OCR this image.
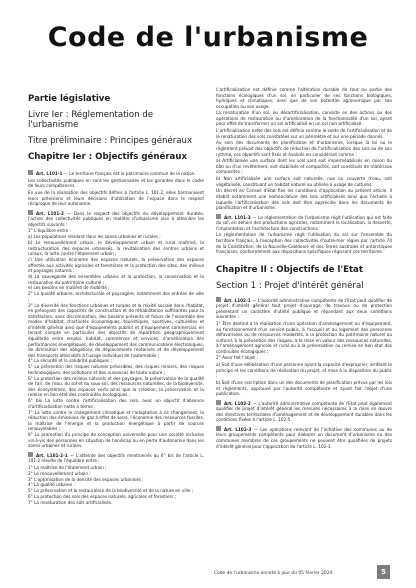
Code de l'urbanisme
Partie législative
Livre Ier : Réglementation de l'urbanisme
Titre préliminaire : Principes généraux
Chapitre Ier : Objectifs généraux

Art. L101-1 — Le territoire français est le patrimoine commun de la nation.

Les collectivités publiques en sont les gestionnaires et les garantes dans le cadre de leurs compétences.

En vue de la réalisation des objectifs définis à l'article L. 101-2, elles harmonisent leurs prévisions et leurs décisions d'utilisation de l'espace dans le respect réciproque de leur autonomie.

Art. L101-2 — Dans le respect des objectifs du développement durable, l'action des collectivités publiques en matière d'urbanisme vise à atteindre les objectifs suivants :

1° L'équilibre entre :
a) Les populations résidant dans les zones urbaines et rurales ;
b) Le renouvellement urbain, le développement urbain et rural maîtrisé, la restructuration des espaces urbanisés, la revitalisation des centres urbains et ruraux, la lutte contre l'étalement urbain ;
c) Une utilisation économe des espaces naturels, la préservation des espaces affectés aux activités agricoles et forestières et la protection des sites, des milieux et paysages naturels ;
d) La sauvegarde des ensembles urbains et la protection, la conservation et la restauration du patrimoine culturel ;
e) Les besoins en matière de mobilité ;
2° La qualité urbaine, architecturale et paysagère, notamment des entrées de ville ;
3° La diversité des fonctions urbaines et rurales et la mixité sociale dans l'habitat, en prévoyant des capacités de construction et de réhabilitation suffisantes pour la satisfaction, sans discrimination, des besoins présents et futurs de l'ensemble des modes d'habitat, d'activités économiques, touristiques, sportives, culturelles et d'intérêt général ainsi que d'équipements publics et d'équipement commercial, en tenant compte en particulier des objectifs de répartition géographiquement équilibrée entre emploi, habitat, commerces et services, d'amélioration des performances énergétiques, de développement des communications électroniques, de diminution des obligations de déplacements motorisés et de développement des transports alternatifs à l'usage individuel de l'automobile ;
4° La sécurité et la salubrité publiques ;
5° La prévention des risques naturels prévisibles, des risques miniers, des risques technologiques, des pollutions et des nuisances de toute nature ;
6° La protection des milieux naturels et des paysages, la préservation de la qualité de l'air, de l'eau, du sol et du sous-sol, des ressources naturelles, de la biodiversité, des écosystèmes, des espaces verts ainsi que la création, la préservation et la remise en bon état des continuités écologiques ;
6° bis La lutte contre l'artificialisation des sols, avec un objectif d'absence d'artificialisation nette à terme ;
7° La lutte contre le changement climatique et l'adaptation à ce changement, la réduction des émissions de gaz à effet de serre, l'économie des ressources fossiles, la maîtrise de l'énergie et la production énergétique à partir de sources renouvelables ;
8° La promotion du principe de conception universelle pour une société inclusive vis-à-vis des personnes en situation de handicap ou en perte d'autonomie dans les zones urbaines et rurales.

Art. L101-2-1 — L'atteinte des objectifs mentionnés au 6° bis de l'article L. 101-2 résulte de l'équilibre entre :

1° La maîtrise de l'étalement urbain ;
2° Le renouvellement urbain ;
3° L'optimisation de la densité des espaces urbanisés ;
4° La qualité urbaine ;
5° La préservation et la restauration de la biodiversité et de la nature en ville ;
6° La protection des sols des espaces naturels, agricoles et forestiers ;
7° La renaturation des sols artificialisés.

L'artificialisation est définie comme l'altération durable de tout ou partie des fonctions écologiques d'un sol, en particulier de ses fonctions biologiques, hydriques et climatiques, ainsi que de son potentiel agronomique par son occupation ou son usage.

La renaturation d'un sol, ou désartificialisation, consiste en des actions ou des opérations de restauration ou d'amélioration de la fonctionnalité d'un sol, ayant pour effet de transformer un sol artificialisé en un sol non artificialisé.

L'artificialisation nette des sols est définie comme le solde de l'artificialisation et de la renaturation des sols constatées sur un périmètre et sur une période donnés.

Au sein des documents de planification et d'urbanisme, lorsque la loi ou le règlement prévoit des objectifs de réduction de l'artificialisation des sols ou de son rythme, ces objectifs sont fixés et évalués en considérant comme :

a) Artificialisée une surface dont les sols sont soit imperméabilisés en raison du bâti ou d'un revêtement, soit stabilisés et compactés, soit constitués de matériaux composites ;

b) Non artificialisée une surface soit naturelle, nue ou couverte d'eau, soit végétalisée, constituant un habitat naturel ou utilisée à usage de cultures.

Un décret en Conseil d'Etat fixe les conditions d'application du présent article. Il établit notamment une nomenclature des sols artificialisés ainsi que l'échelle à laquelle l'artificialisation des sols doit être appréciée dans les documents de planification et d'urbanisme.

Art. L101-3 — La réglementation de l'urbanisme régit l'utilisation qui est faite du sol, en dehors des productions agricoles, notamment la localisation, la desserte, l'implantation et l'architecture des constructions.

La réglementation de l'urbanisme régit l'utilisation du sol sur l'ensemble du territoire français, à l'exception des collectivités d'outre-mer régies par l'article 74 de la Constitution, de la Nouvelle-Calédonie et des Terres australes et antarctiques françaises, conformément aux dispositions spécifiques régissant ces territoires.

Chapitre II : Objectifs de l'Etat
Section 1 : Projet d'intérêt général

Art. L102-1 — L'autorité administrative compétente de l'Etat peut qualifier de projet d'intérêt général tout projet d'ouvrage, de travaux ou de protection présentant un caractère d'utilité publique et répondant aux deux conditions suivantes :

1° Être destiné à la réalisation d'une opération d'aménagement ou d'équipement, au fonctionnement d'un service public, à l'accueil et au logement des personnes défavorisées ou de ressources modestes, à la protection du patrimoine naturel ou culturel, à la prévention des risques, à la mise en valeur des ressources naturelles, à l'aménagement agricole et rural ou à la préservation ou remise en bon état des continuités écologiques ;

2° Avoir fait l'objet :

a) Soit d'une délibération d'une personne ayant la capacité d'exproprier, arrêtant le principe et les conditions de réalisation du projet, et mise à la disposition du public ;

b) Soit d'une inscription dans un des documents de planification prévus par les lois et règlements, approuvé par l'autorité compétente et ayant fait l'objet d'une publication.

Art. L102-2 — L'autorité administrative compétente de l'Etat peut également qualifier de projet d'intérêt général les mesures nécessaires à la mise en œuvre des directives territoriales d'aménagement et de développement durables dans les conditions fixées à l'article L. 102-5.

Art. L102-3 — Les opérations relevant de l'initiative des communes ou de leurs groupements compétents pour élaborer un document d'urbanisme ou des communes membres de ces groupements ne peuvent être qualifiées de projets d'intérêt général pour l'application de l'article L. 102-1.

Code de l'urbanisme annoté à jour du 05 février 2024	5
